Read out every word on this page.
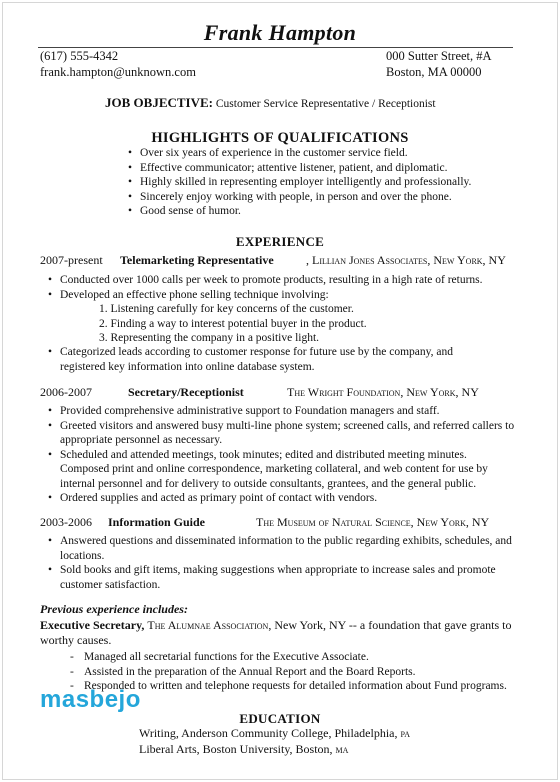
Frank Hampton
(617) 555-4342
frank.hampton@unknown.com
000 Sutter Street, #A
Boston, MA 00000
JOB OBJECTIVE: Customer Service Representative / Receptionist
HIGHLIGHTS OF QUALIFICATIONS
• Over six years of experience in the customer service field.
• Effective communicator; attentive listener, patient, and diplomatic.
• Highly skilled in representing employer intelligently and professionally.
• Sincerely enjoy working with people, in person and over the phone.
• Good sense of humor.
EXPERIENCE
2007-present Telemarketing Representative	, Lillian Jones Associates, New York, NY
• Conducted over 1000 calls per week to promote products, resulting in a high rate of returns.
• Developed an effective phone selling technique involving:
1. Listening carefully for key concerns of the customer.
2. Finding a way to interest potential buyer in the product.
3. Representing the company in a positive light.
• Categorized leads according to customer response for future use by the company, and registered key information into online database system.
2006-2007	Secretary/Receptionist	The Wright Foundation, New York, NY
• Provided comprehensive administrative support to Foundation managers and staff.
• Greeted visitors and answered busy multi-line phone system; screened calls, and referred callers to appropriate personnel as necessary.
• Scheduled and attended meetings, took minutes; edited and distributed meeting minutes. Composed print and online correspondence, marketing collateral, and web content for use by internal personnel and for delivery to outside consultants, grantees, and the general public.
• Ordered supplies and acted as primary point of contact with vendors.
2003-2006 Information Guide	The Museum of Natural Science, New York, NY
• Answered questions and disseminated information to the public regarding exhibits, schedules, and locations.
• Sold books and gift items, making suggestions when appropriate to increase sales and promote customer satisfaction.
Previous experience includes:
Executive Secretary, The Alumnae Association, New York, NY -- a foundation that gave grants to worthy causes.
- Managed all secretarial functions for the Executive Associate.
- Assisted in the preparation of the Annual Report and the Board Reports.
- Responded to written and telephone requests for detailed information about Fund programs.
EDUCATION
Writing, Anderson Community College, Philadelphia, pa
Liberal Arts, Boston University, Boston, ma
masbejo
